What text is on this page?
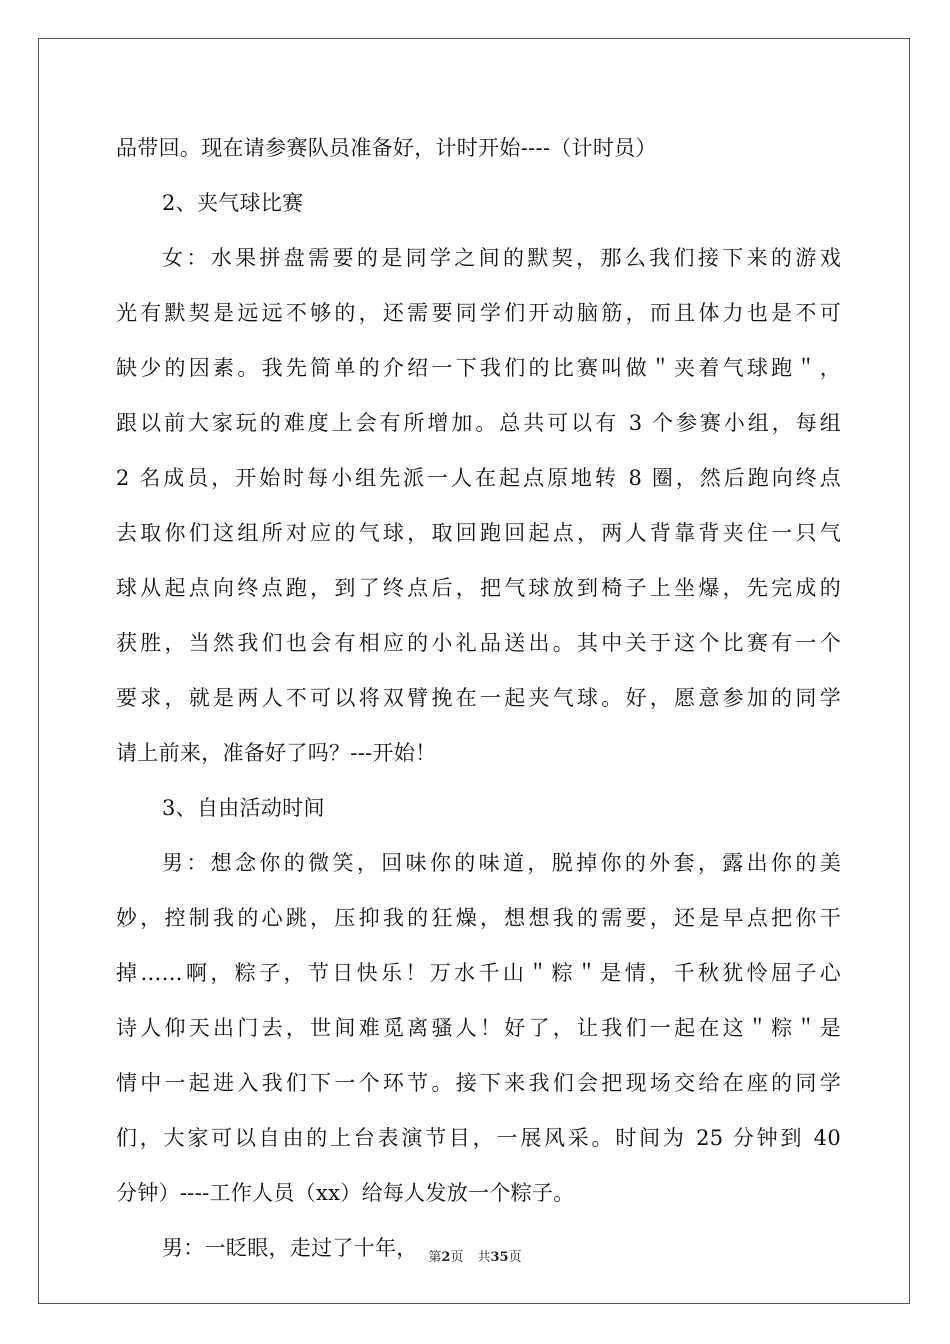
品带回。现在请参赛队员准备好，计时开始----（计时员）
2、夹气球比赛
女：水果拼盘需要的是同学之间的默契，那么我们接下来的游戏
光有默契是远远不够的，还需要同学们开动脑筋，而且体力也是不可
缺少的因素。我先简单的介绍一下我们的比赛叫做＂夹着气球跑＂，
跟以前大家玩的难度上会有所增加。总共可以有 3 个参赛小组，每组
2 名成员，开始时每小组先派一人在起点原地转 8 圈，然后跑向终点
去取你们这组所对应的气球，取回跑回起点，两人背靠背夹住一只气
球从起点向终点跑，到了终点后，把气球放到椅子上坐爆，先完成的
获胜，当然我们也会有相应的小礼品送出。其中关于这个比赛有一个
要求，就是两人不可以将双臂挽在一起夹气球。好，愿意参加的同学
请上前来，准备好了吗？---开始！
3、自由活动时间
男：想念你的微笑，回味你的味道，脱掉你的外套，露出你的美
妙，控制我的心跳，压抑我的狂燥，想想我的需要，还是早点把你干
掉……啊，粽子，节日快乐！万水千山＂粽＂是情，千秋犹怜屈子心
诗人仰天出门去，世间难觅离骚人！好了，让我们一起在这＂粽＂是
情中一起进入我们下一个环节。接下来我们会把现场交给在座的同学
们，大家可以自由的上台表演节目，一展风采。时间为 25 分钟到 40
分钟）----工作人员（xx）给每人发放一个粽子。
男：一眨眼，走过了十年， 第2页 共35页
